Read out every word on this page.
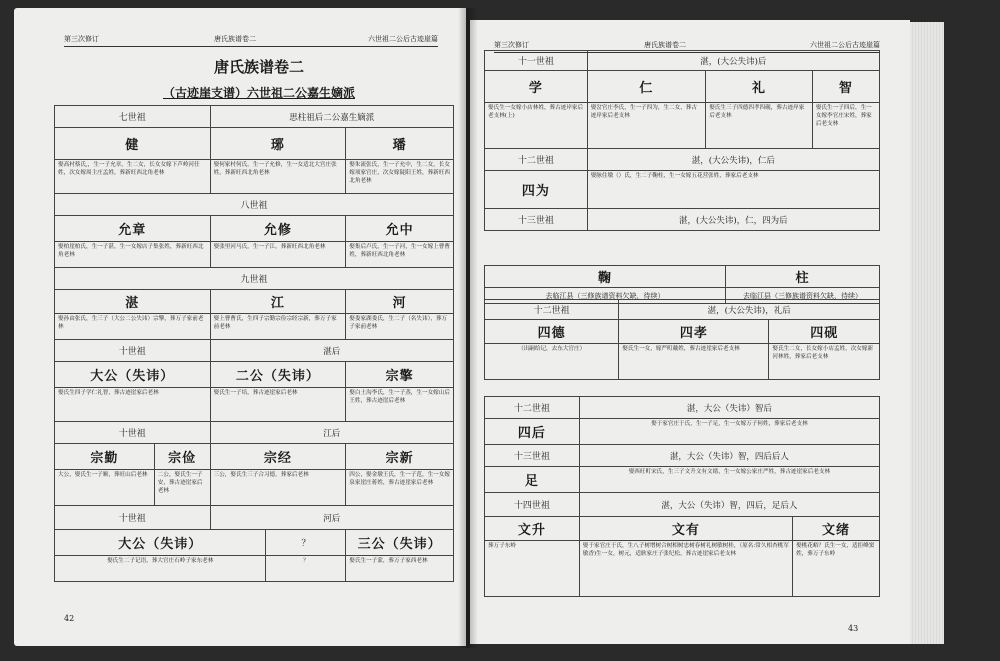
第三次修订	唐氏族谱卷二	六世祖二公后古迹崖篇
唐氏族谱卷二
（古迹崖支谱）六世祖二公嘉生嫡派
七世祖		思柱祖后二公嘉生嫡派		
健		琊		璠
娶高村蔡氏,，生一子允章，生二女，长女女嫁下芦岭河任姓，次女嫁周主庄孟姓，葬新旺西北角老林		娶何家村何氏，生一子允修，生一女适北大宫庄张姓，葬新旺西北角老林		娶朱流张氏，生一子允中，生二女，长女嫁项家官庄，次女嫁陡阳王姓，葬新旺西北角老林
八世祖				
允章		允修		允中
娶柏崖柏氏，生一子湛，生一女嫁店子集张姓，葬新旺西北角老林		娶张里河马氏，生一子江，葬新旺西北角老林		娶集后卢氏，生一子河，生一女嫁上曹曹姓，葬新旺西北角老林
九世祖				
湛		江		河
娶孙由张氏，生三子（大公二公失讳）宗擎，葬万子家前老林		娶上曹曹氏，生四子宗勤宗俭宗经宗新，葬万子家前老林		娶娄家湖娄氏，生二子（名失讳），葬万子家前老林
十世祖		湛后		
大公（失讳）		二公（失讳）		宗擎
娶氏生四子学仁礼智，葬古迹崖家后老林		娶氏生一子培，葬古迹崖家后老林		娶白土沟李氏，生一子蒸，生一女嫁山后王姓，葬古迹崖后老林
十世祖		江后		
宗勤	宗俭	宗经		宗新
大公，娶氏生一子顺，葬旺山后老林	二公，娶氏生一子安，葬古迹崖家后老林	三公，娶氏生三子合习德，葬家后老林		四公，娶金墩王氏，生一子范，生一女嫁泉家崖庄蒋姓，葬古迹崖家后老林
十世祖		河后		
大公（失讳）			？	三公（失讳）
娶氏生二子记语，葬大官庄石岭子家东老林			？	娶氏生一子蒙，葬万子家西老林
42
第三次修订	唐氏族谱卷二	六世祖二公后古迹崖篇
十一世祖	湛，(大公失讳)后		
学	仁	礼	智
娶氏生一女嫁小店林姓，葬古迹岸家后老支林(上)	娶岔官庄李氏，生一子四为，生二女，葬古迹岸家后老支林	娶氏生三子四德四孝四砚，葬古迹岸家后老支林	娶氏生一子四后，生一女嫁李官庄宋姓，葬家后老支林
十二世祖	湛，(大公失讳)，仁后		
四为	娶脉住墩（）氏，生二子鞠柱，生一女嫁五花营张姓，葬家后老支林		
十三世祖	湛，(大公失讳)，仁，四为后		
鞠	柱
去临江县（三修族谱资料欠缺，待续）	去临江县（三修族谱资料欠缺，待续）
十二世祖	湛，(大公失讳)，礼后	
四德	四孝	四砚
（出嗣给记，去东大官庄）	娶氏生一女，嫁严町戴姓，葬古迹崖家后老支林	娶氏生二女，长女嫁小店孟姓，次女嫁新河林姓，葬家后老支林
十二世祖	湛，大公（失讳）智后	
四后	娶于家官庄于氏，生一子足，生一女嫁万子何姓，葬家后老支林	
十三世祖	湛，大公（失讳）智，四后后人	
足	娶西旺町宋氏，生三子文升文有文绪，生一女嫁公家庄严姓，葬古迹崖家后老支林	
十四世祖	湛，大公（失讳）智，四后，足后人	
文升	文有	文绪
葬万子东岭	娶于家官庄于氏，生八子树增树合树相树忠树春树礼树敏树桂，（原名:常久相杏桃军敏香)生一女，树元，适耿家庄子张纪松，葬古迹崖家后老支林	娶桃花峪？氏生一女，适拒峰窦姓，葬万子东岭
43
